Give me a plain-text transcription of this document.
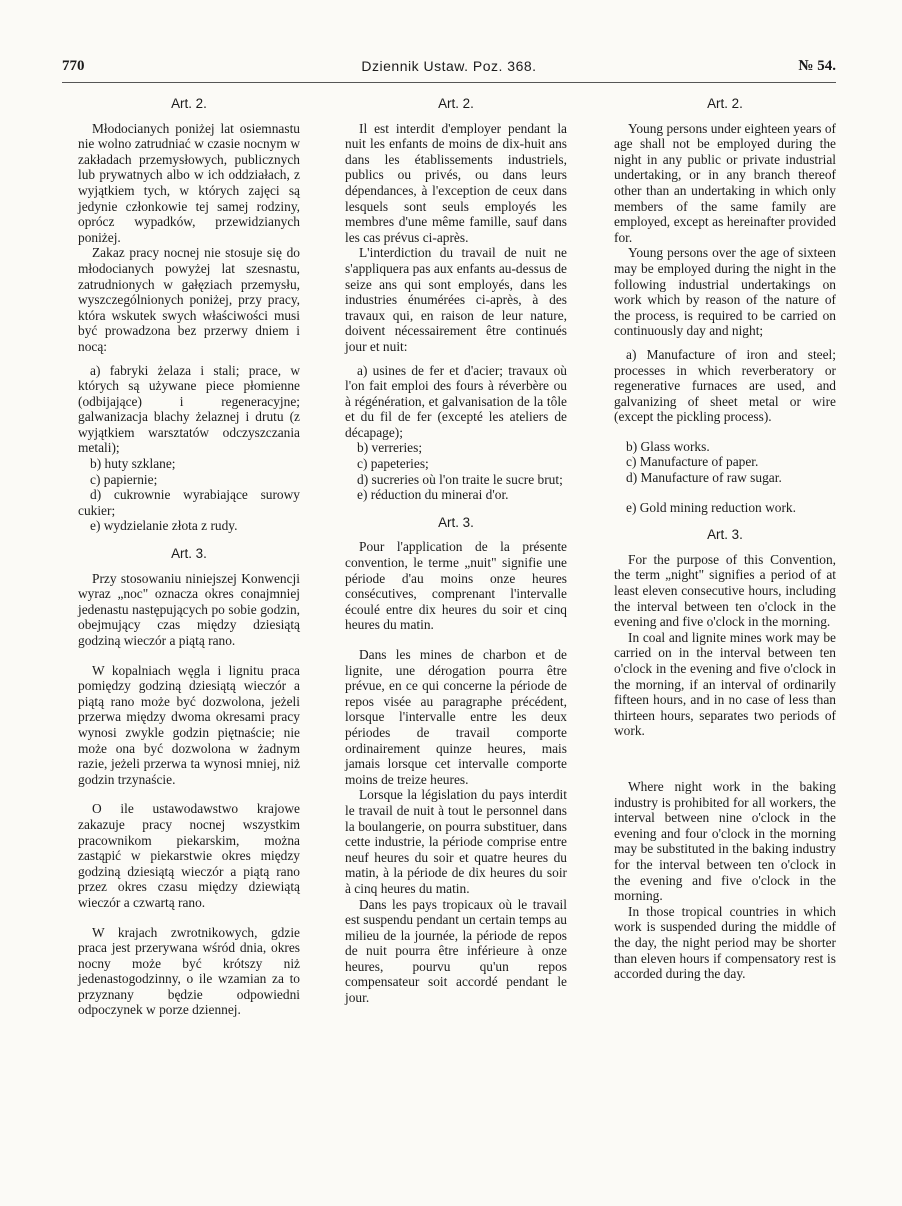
770	Dziennik Ustaw. Poz. 368.	№ 54.
Art. 2.

Młodocianych poniżej lat osiemnastu nie wolno zatrudniać w czasie nocnym w zakładach przemysłowych, publicznych lub prywatnych albo w ich oddziałach, z wyjątkiem tych, w których zajęci są jedynie członkowie tej samej rodziny, oprócz wypadków, przewidzianych poniżej.

Zakaz pracy nocnej nie stosuje się do młodocianych powyżej lat szesnastu, zatrudnionych w gałęziach przemysłu, wyszczególnionych poniżej, przy pracy, która wskutek swych właściwości musi być prowadzona bez przerwy dniem i nocą:

a) fabryki żelaza i stali; prace, w których są używane piece płomienne (odbijające) i regeneracyjne; galwanizacja blachy żelaznej i drutu (z wyjątkiem warsztatów odczyszczania metali);

b) huty szklane;

c) papiernie;

d) cukrownie wyrabiające surowy cukier;

e) wydzielanie złota z rudy.

Art. 3.

Przy stosowaniu niniejszej Konwencji wyraz „noc" oznacza okres conajmniej jedenastu następujących po sobie godzin, obejmujący czas między dziesiątą godziną wieczór a piątą rano.

W kopalniach węgla i lignitu praca pomiędzy godziną dziesiątą wieczór a piątą rano może być dozwolona, jeżeli przerwa między dwoma okresami pracy wynosi zwykle godzin piętnaście; nie może ona być dozwolona w żadnym razie, jeżeli przerwa ta wynosi mniej, niż godzin trzynaście.

O ile ustawodawstwo krajowe zakazuje pracy nocnej wszystkim pracownikom piekarskim, można zastąpić w piekarstwie okres między godziną dziesiątą wieczór a piątą rano przez okres czasu między dziewiątą wieczór a czwartą rano.

W krajach zwrotnikowych, gdzie praca jest przerywana wśród dnia, okres nocny może być krótszy niż jedenastogodzinny, o ile wzamian za to przyznany będzie odpowiedni odpoczynek w porze dziennej.

Art. 2.

Il est interdit d'employer pendant la nuit les enfants de moins de dix-huit ans dans les établissements industriels, publics ou privés, ou dans leurs dépendances, à l'exception de ceux dans lesquels sont seuls employés les membres d'une même famille, sauf dans les cas prévus ci-après.

L'interdiction du travail de nuit ne s'appliquera pas aux enfants au-dessus de seize ans qui sont employés, dans les industries énumérées ci-après, à des travaux qui, en raison de leur nature, doivent nécessairement être continués jour et nuit:

a) usines de fer et d'acier; travaux où l'on fait emploi des fours à réverbère ou à régénération, et galvanisation de la tôle et du fil de fer (excepté les ateliers de décapage);

b) verreries;

c) papeteries;

d) sucreries où l'on traite le sucre brut;

e) réduction du minerai d'or.

Art. 3.

Pour l'application de la présente convention, le terme „nuit" signifie une période d'au moins onze heures consécutives, comprenant l'intervalle écoulé entre dix heures du soir et cinq heures du matin.

Dans les mines de charbon et de lignite, une dérogation pourra être prévue, en ce qui concerne la période de repos visée au paragraphe précédent, lorsque l'intervalle entre les deux périodes de travail comporte ordinairement quinze heures, mais jamais lorsque cet intervalle comporte moins de treize heures.

Lorsque la législation du pays interdit le travail de nuit à tout le personnel dans la boulangerie, on pourra substituer, dans cette industrie, la période comprise entre neuf heures du soir et quatre heures du matin, à la période de dix heures du soir à cinq heures du matin.

Dans les pays tropicaux où le travail est suspendu pendant un certain temps au milieu de la journée, la période de repos de nuit pourra être inférieure à onze heures, pourvu qu'un repos compensateur soit accordé pendant le jour.

Art. 2.

Young persons under eighteen years of age shall not be employed during the night in any public or private industrial undertaking, or in any branch thereof other than an undertaking in which only members of the same family are employed, except as hereinafter provided for.

Young persons over the age of sixteen may be employed during the night in the following industrial undertakings on work which by reason of the nature of the process, is required to be carried on continuously day and night;

a) Manufacture of iron and steel; processes in which reverberatory or regenerative furnaces are used, and galvanizing of sheet metal or wire (except the pickling process).

b) Glass works.

c) Manufacture of paper.

d) Manufacture of raw sugar.

e) Gold mining reduction work.

Art. 3.

For the purpose of this Convention, the term „night" signifies a period of at least eleven consecutive hours, including the interval between ten o'clock in the evening and five o'clock in the morning.

In coal and lignite mines work may be carried on in the interval between ten o'clock in the evening and five o'clock in the morning, if an interval of ordinarily fifteen hours, and in no case of less than thirteen hours, separates two periods of work.

Where night work in the baking industry is prohibited for all workers, the interval between nine o'clock in the evening and four o'clock in the morning may be substituted in the baking industry for the interval between ten o'clock in the evening and five o'clock in the morning.

In those tropical countries in which work is suspended during the middle of the day, the night period may be shorter than eleven hours if compensatory rest is accorded during the day.
